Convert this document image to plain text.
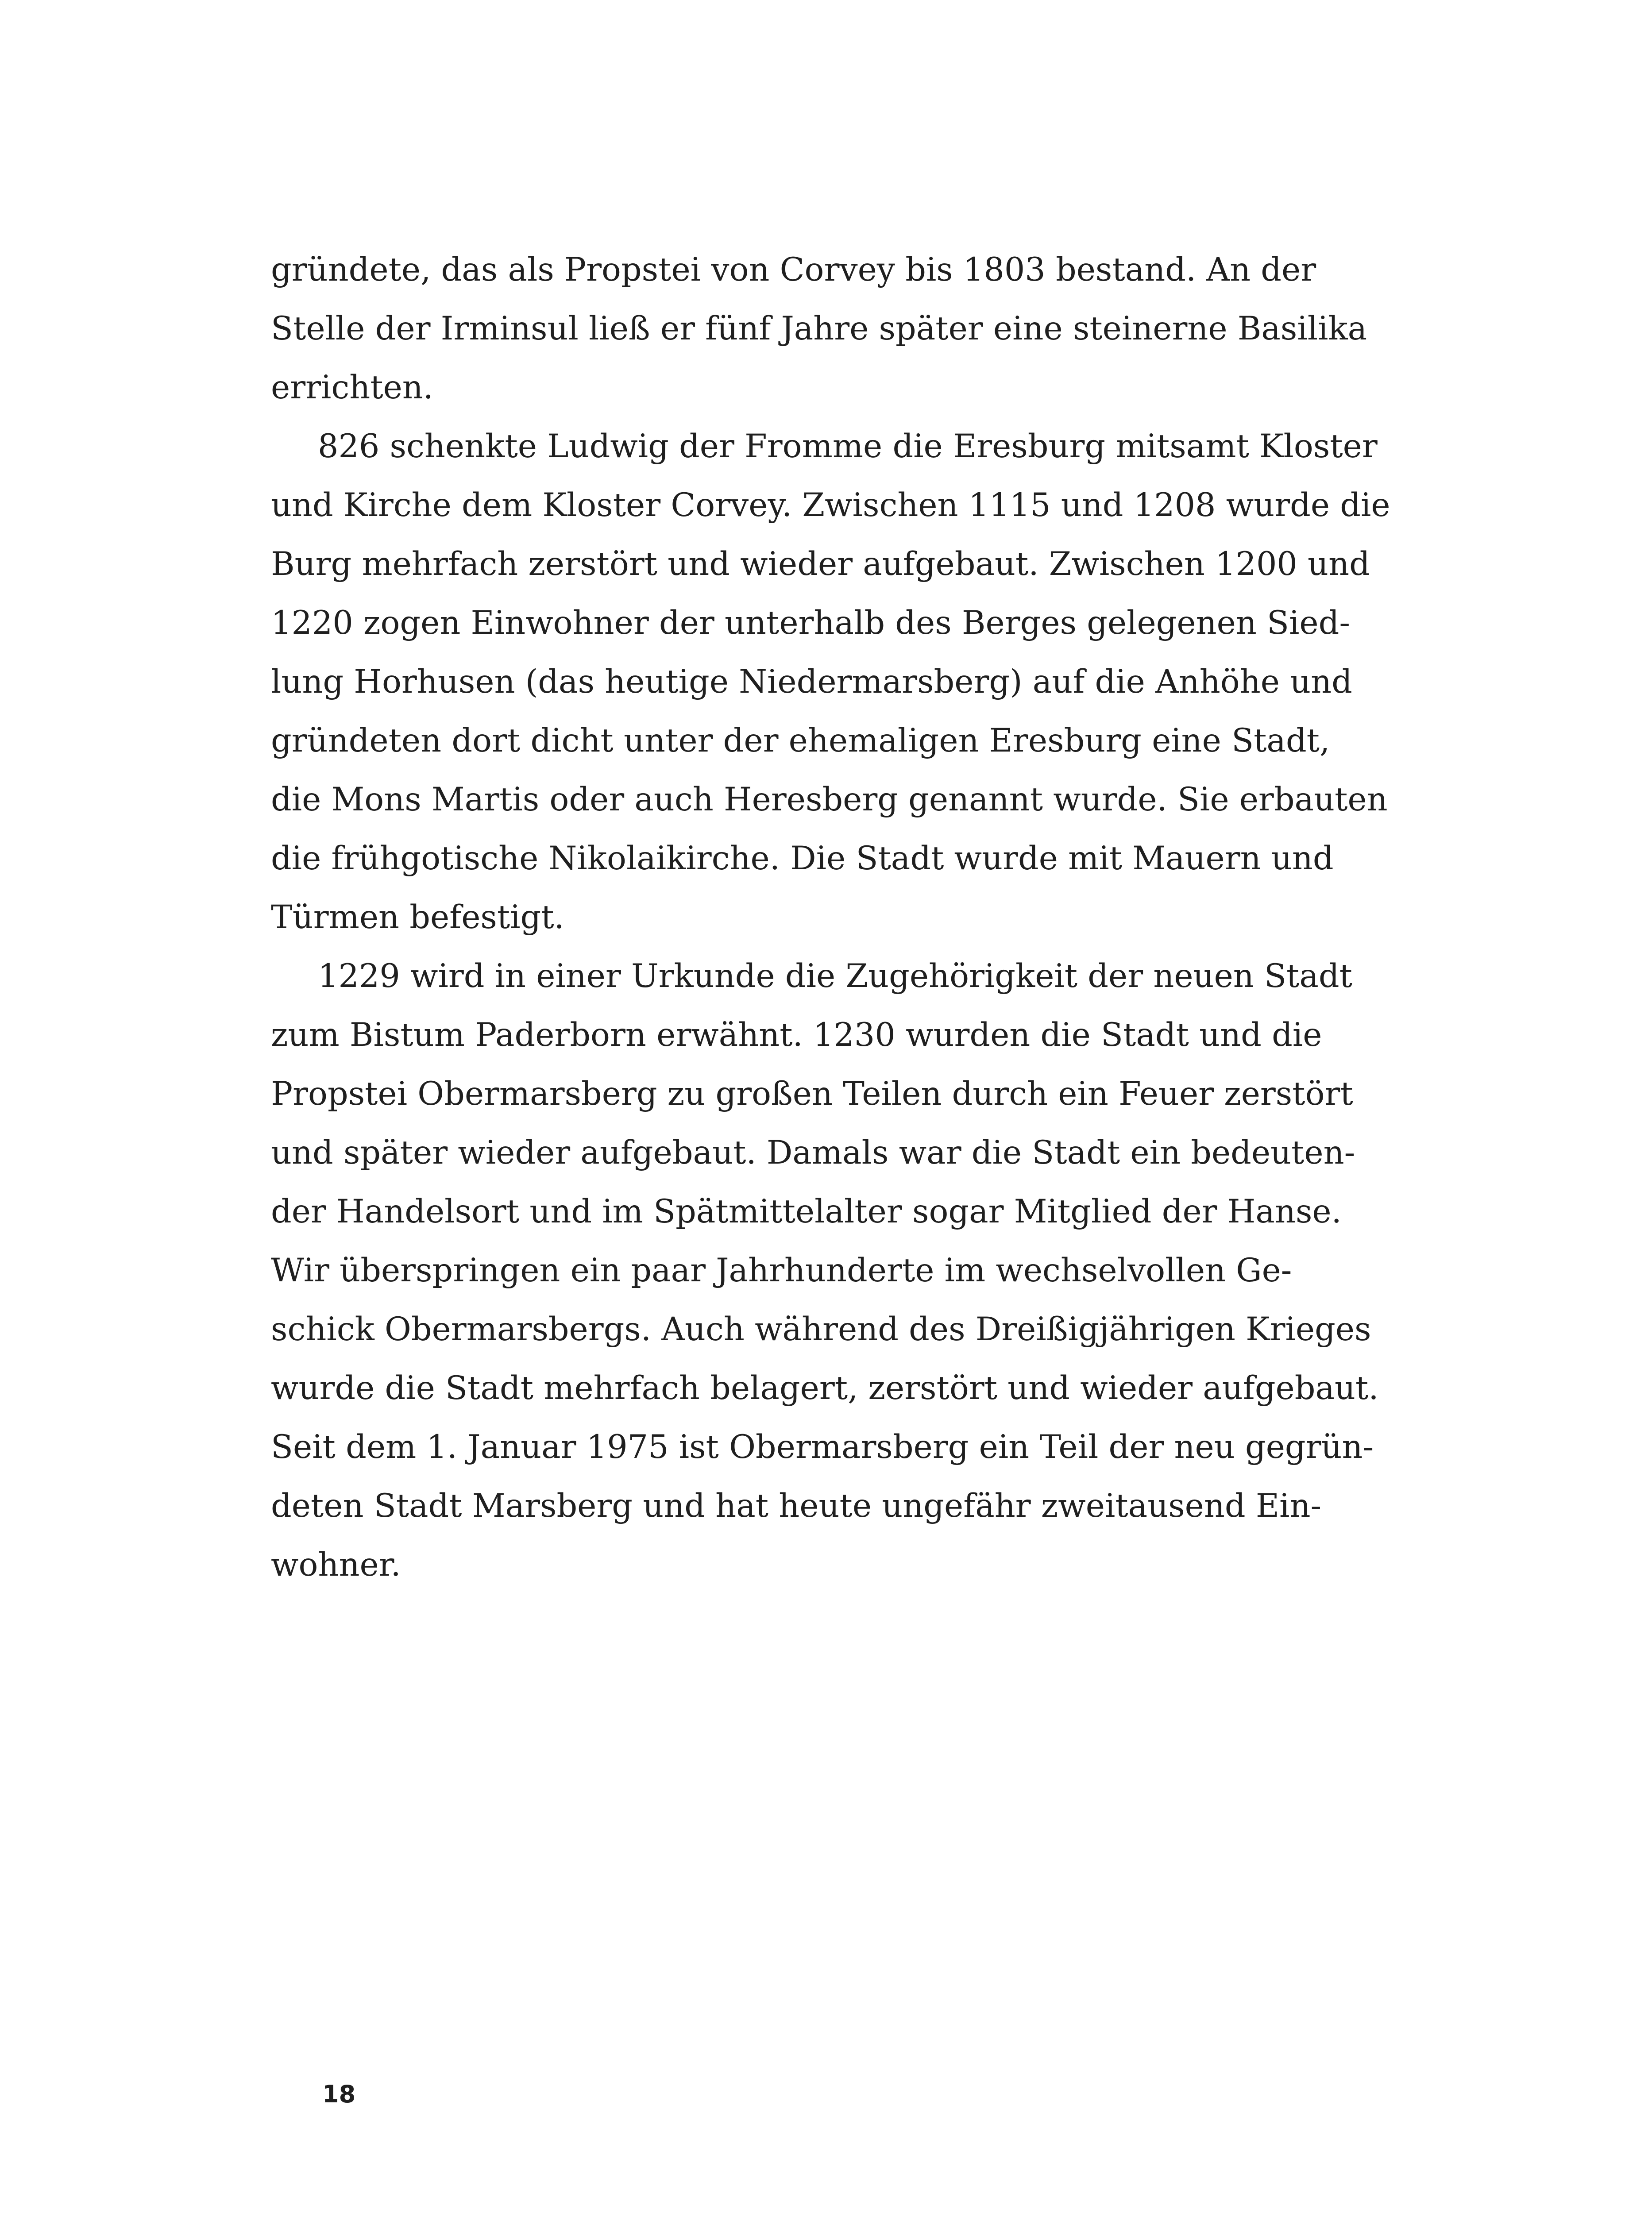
gründete, das als Propstei von Corvey bis 1803 bestand. An der
Stelle der Irminsul ließ er fünf Jahre später eine steinerne Basilika
errichten.
826 schenkte Ludwig der Fromme die Eresburg mitsamt Kloster
und Kirche dem Kloster Corvey. Zwischen 1115 und 1208 wurde die
Burg mehrfach zerstört und wieder aufgebaut. Zwischen 1200 und
1220 zogen Einwohner der unterhalb des Berges gelegenen Sied-
lung Horhusen (das heutige Niedermarsberg) auf die Anhöhe und
gründeten dort dicht unter der ehemaligen Eresburg eine Stadt,
die Mons Martis oder auch Heresberg genannt wurde. Sie erbauten
die frühgotische Nikolaikirche. Die Stadt wurde mit Mauern und
Türmen befestigt.
1229 wird in einer Urkunde die Zugehörigkeit der neuen Stadt
zum Bistum Paderborn erwähnt. 1230 wurden die Stadt und die
Propstei Obermarsberg zu großen Teilen durch ein Feuer zerstört
und später wieder aufgebaut. Damals war die Stadt ein bedeuten-
der Handelsort und im Spätmittelalter sogar Mitglied der Hanse.
Wir überspringen ein paar Jahrhunderte im wechselvollen Ge-
schick Obermarsbergs. Auch während des Dreißigjährigen Krieges
wurde die Stadt mehrfach belagert, zerstört und wieder aufgebaut.
Seit dem 1. Januar 1975 ist Obermarsberg ein Teil der neu gegrün-
deten Stadt Marsberg und hat heute ungefähr zweitausend Ein-
wohner.
18
